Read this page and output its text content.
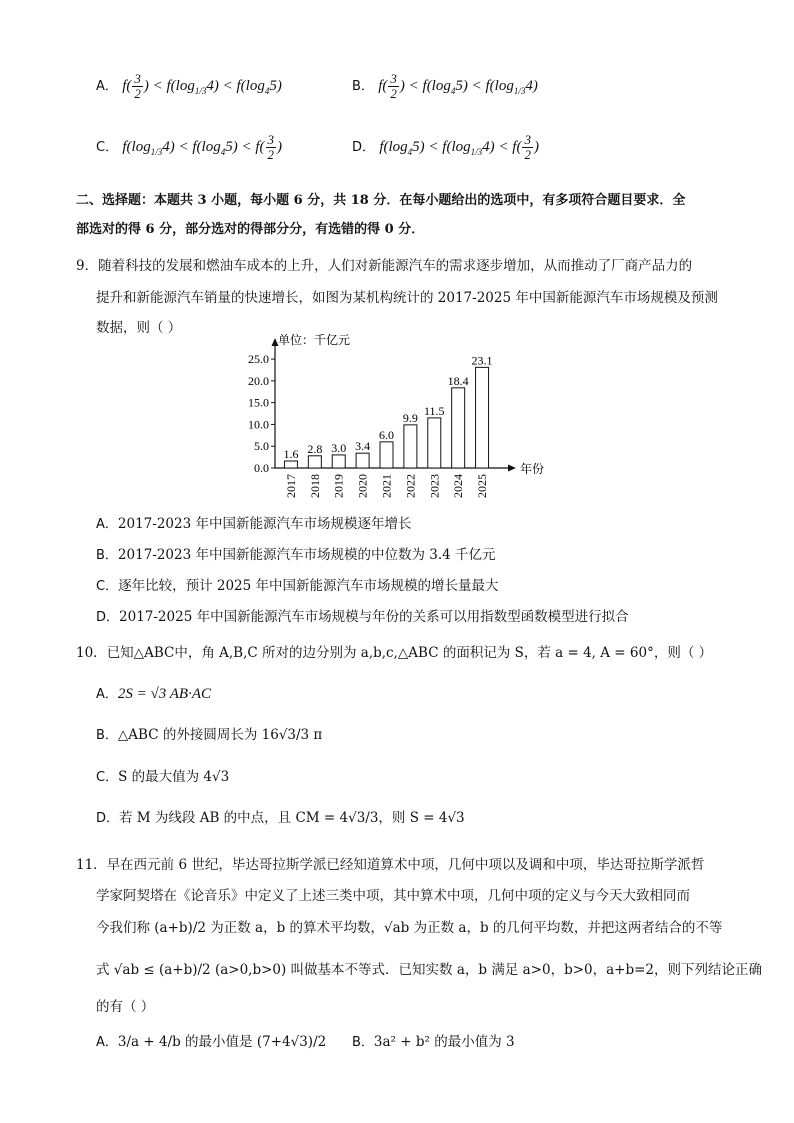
A． $f( \frac{3}{2}$ ) < $f(\log_{1/3}4) < f(\log_45)$	B． $f( \frac{3}{2}$ ) < $f(\log_45) < f(\log_{1/3}4)$
C． $f(\log_{1/3}4) < f(\log_45) < f( \frac{3}{2}$ )	D． $f(\log_45) < f(\log_{1/3}4) < f( \frac{3}{2}$ )
二、选择题：本题共 3 小题，每小题 6 分，共 18 分．在每小题给出的选项中，有多项符合题目要求．全
部选对的得 6 分，部分选对的得部分分，有选错的得 0 分．
9．随着科技的发展和燃油车成本的上升，人们对新能源汽车的需求逐步增加，从而推动了厂商产品力的
提升和新能源汽车销量的快速增长，如图为某机构统计的 2017-2025 年中国新能源汽车市场规模及预测
数据，则（ ）
单位：千亿元
年份
0.0
5.0
10.0
15.0
20.0
25.0
1.6
2017
2.8
2018
3.0
2019
3.4
2020
6.0
2021
9.9
2022
11.5
2023
18.4
2024
23.1
2025
A．2017-2023 年中国新能源汽车市场规模逐年增长
B．2017-2023 年中国新能源汽车市场规模的中位数为 3.4 千亿元
C．逐年比较，预计 2025 年中国新能源汽车市场规模的增长量最大
D．2017-2025 年中国新能源汽车市场规模与年份的关系可以用指数型函数模型进行拟合
10．已知△ABC中，角 A,B,C 所对的边分别为 a,b,c,△ABC 的面积记为 S，若 a = 4, A = 60°，则（ ）
A．2S = √3 AB·AC
B．△ABC 的外接圆周长为 16√3/3 π
C．S 的最大值为 4√3
D．若 M 为线段 AB 的中点，且 CM = 4√3/3，则 S = 4√3
11．早在西元前 6 世纪，毕达哥拉斯学派已经知道算术中项，几何中项以及调和中项，毕达哥拉斯学派哲
学家阿契塔在《论音乐》中定义了上述三类中项，其中算术中项，几何中项的定义与今天大致相同而
今我们称 (a+b)/2 为正数 a，b 的算术平均数，√ab 为正数 a，b 的几何平均数，并把这两者结合的不等
式 √ab ≤ (a+b)/2 (a>0,b>0) 叫做基本不等式．已知实数 a，b 满足 a>0，b>0，a+b=2，则下列结论正确
的有（ ）
A．3/a + 4/b 的最小值是 (7+4√3)/2 B．3a² + b² 的最小值为 3
